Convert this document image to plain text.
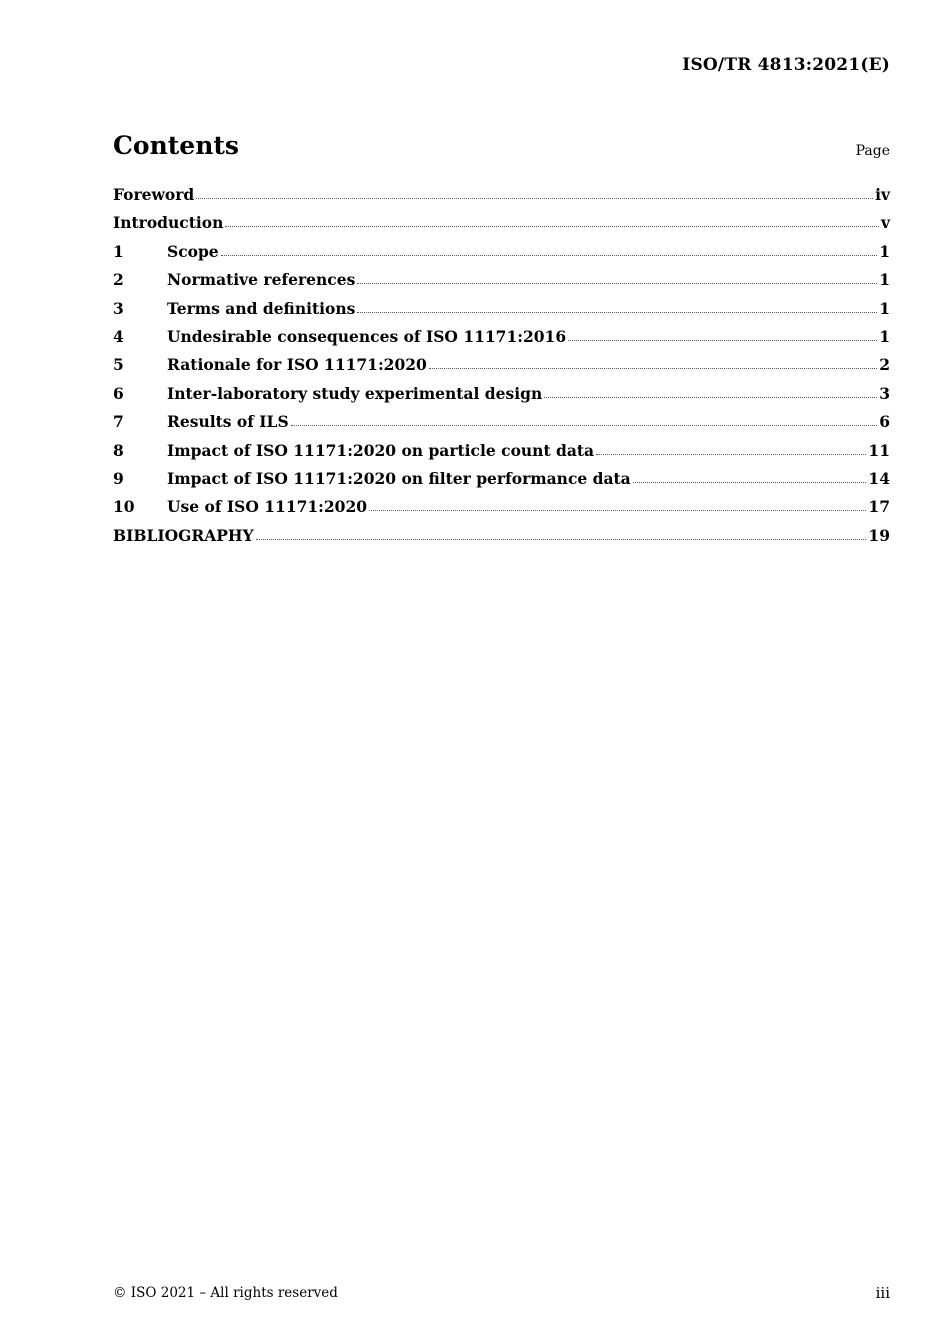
ISO/TR 4813:2021(E)
Contents	Page
Foreword	iv
Introduction	v
1	Scope	1
2	Normative references	1
3	Terms and definitions	1
4	Undesirable consequences of ISO 11171:2016	1
5	Rationale for ISO 11171:2020	2
6	Inter-laboratory study experimental design	3
7	Results of ILS	6
8	Impact of ISO 11171:2020 on particle count data	11
9	Impact of ISO 11171:2020 on filter performance data	14
10	Use of ISO 11171:2020	17
BIBLIOGRAPHY	19
© ISO 2021 – All rights reserved	iii
